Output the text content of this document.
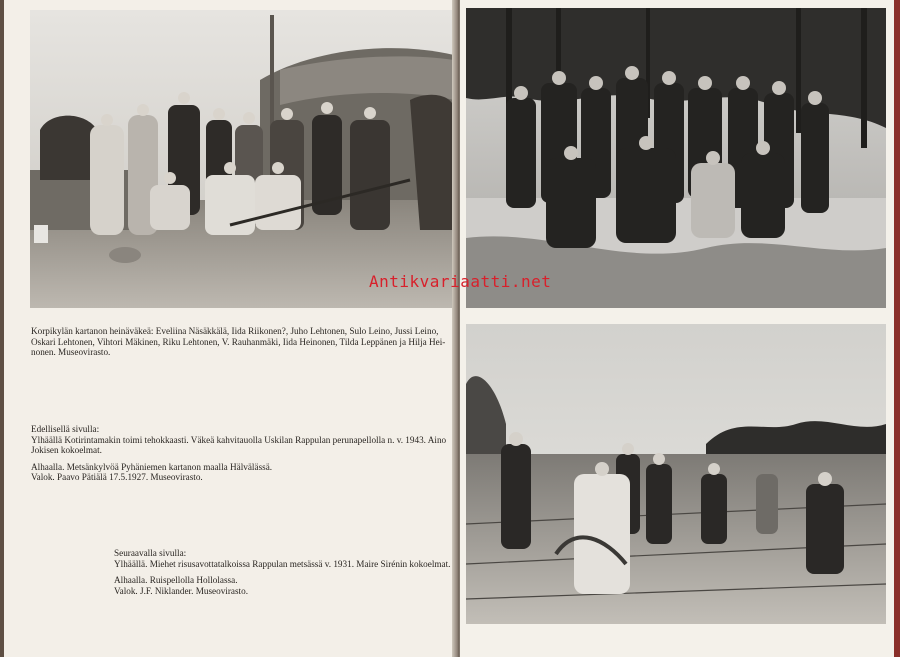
Korpikylän kartanon heinäväkeä: Eveliina Näsäkkälä, Iida Riikonen?, Juho Lehtonen, Sulo Leino, Jussi Leino,

Oskari Lehtonen, Vihtori Mäkinen, Riku Lehtonen, V. Rauhanmäki, Iida Heinonen, Tilda Leppänen ja Hilja Hei-

nonen. Museovirasto.

Edellisellä sivulla:

Ylhäällä Kotirintamakin toimi tehokkaasti. Väkeä kahvitauolla Uskilan Rappulan perunapellolla n. v. 1943. Aino

Jokisen kokoelmat.

Alhaalla. Metsänkylvöä Pyhäniemen kartanon maalla Hälvälässä.

Valok. Paavo Pätiälä 17.5.1927. Museovirasto.

Seuraavalla sivulla:

Ylhäällä. Miehet risusavottatalkoissa Rappulan metsässä v. 1931. Maire Sirénin kokoelmat.

Alhaalla. Ruispellolla Hollolassa.

Valok. J.F. Niklander. Museovirasto.

Antikvariaatti.net
